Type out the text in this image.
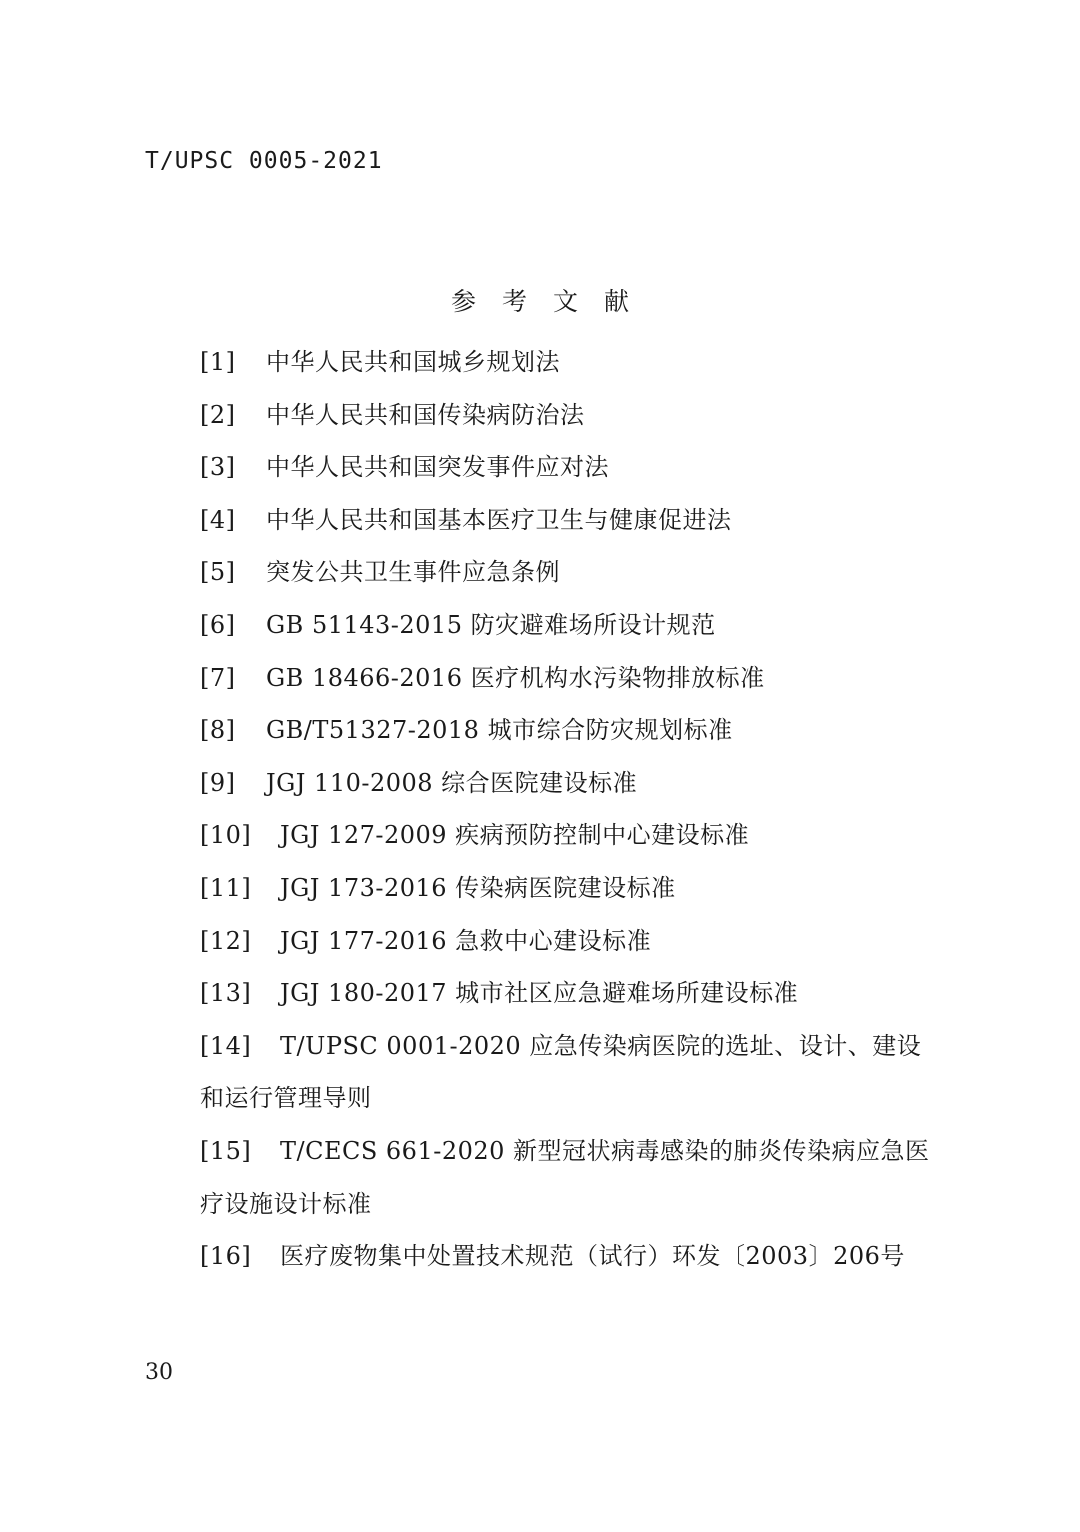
T/UPSC 0005-2021
参考文献
[1] 中华人民共和国城乡规划法
[2] 中华人民共和国传染病防治法
[3] 中华人民共和国突发事件应对法
[4] 中华人民共和国基本医疗卫生与健康促进法
[5] 突发公共卫生事件应急条例
[6] GB 51143-2015 防灾避难场所设计规范
[7] GB 18466-2016 医疗机构水污染物排放标准
[8] GB/T51327-2018 城市综合防灾规划标准
[9] JGJ 110-2008 综合医院建设标准
[10] JGJ 127-2009 疾病预防控制中心建设标准
[11] JGJ 173-2016 传染病医院建设标准
[12] JGJ 177-2016 急救中心建设标准
[13] JGJ 180-2017 城市社区应急避难场所建设标准
[14] T/UPSC 0001-2020 应急传染病医院的选址、设计、建设和运行管理导则
[15] T/CECS 661-2020 新型冠状病毒感染的肺炎传染病应急医疗设施设计标准
[16] 医疗废物集中处置技术规范（试行）环发〔2003〕206号
30
